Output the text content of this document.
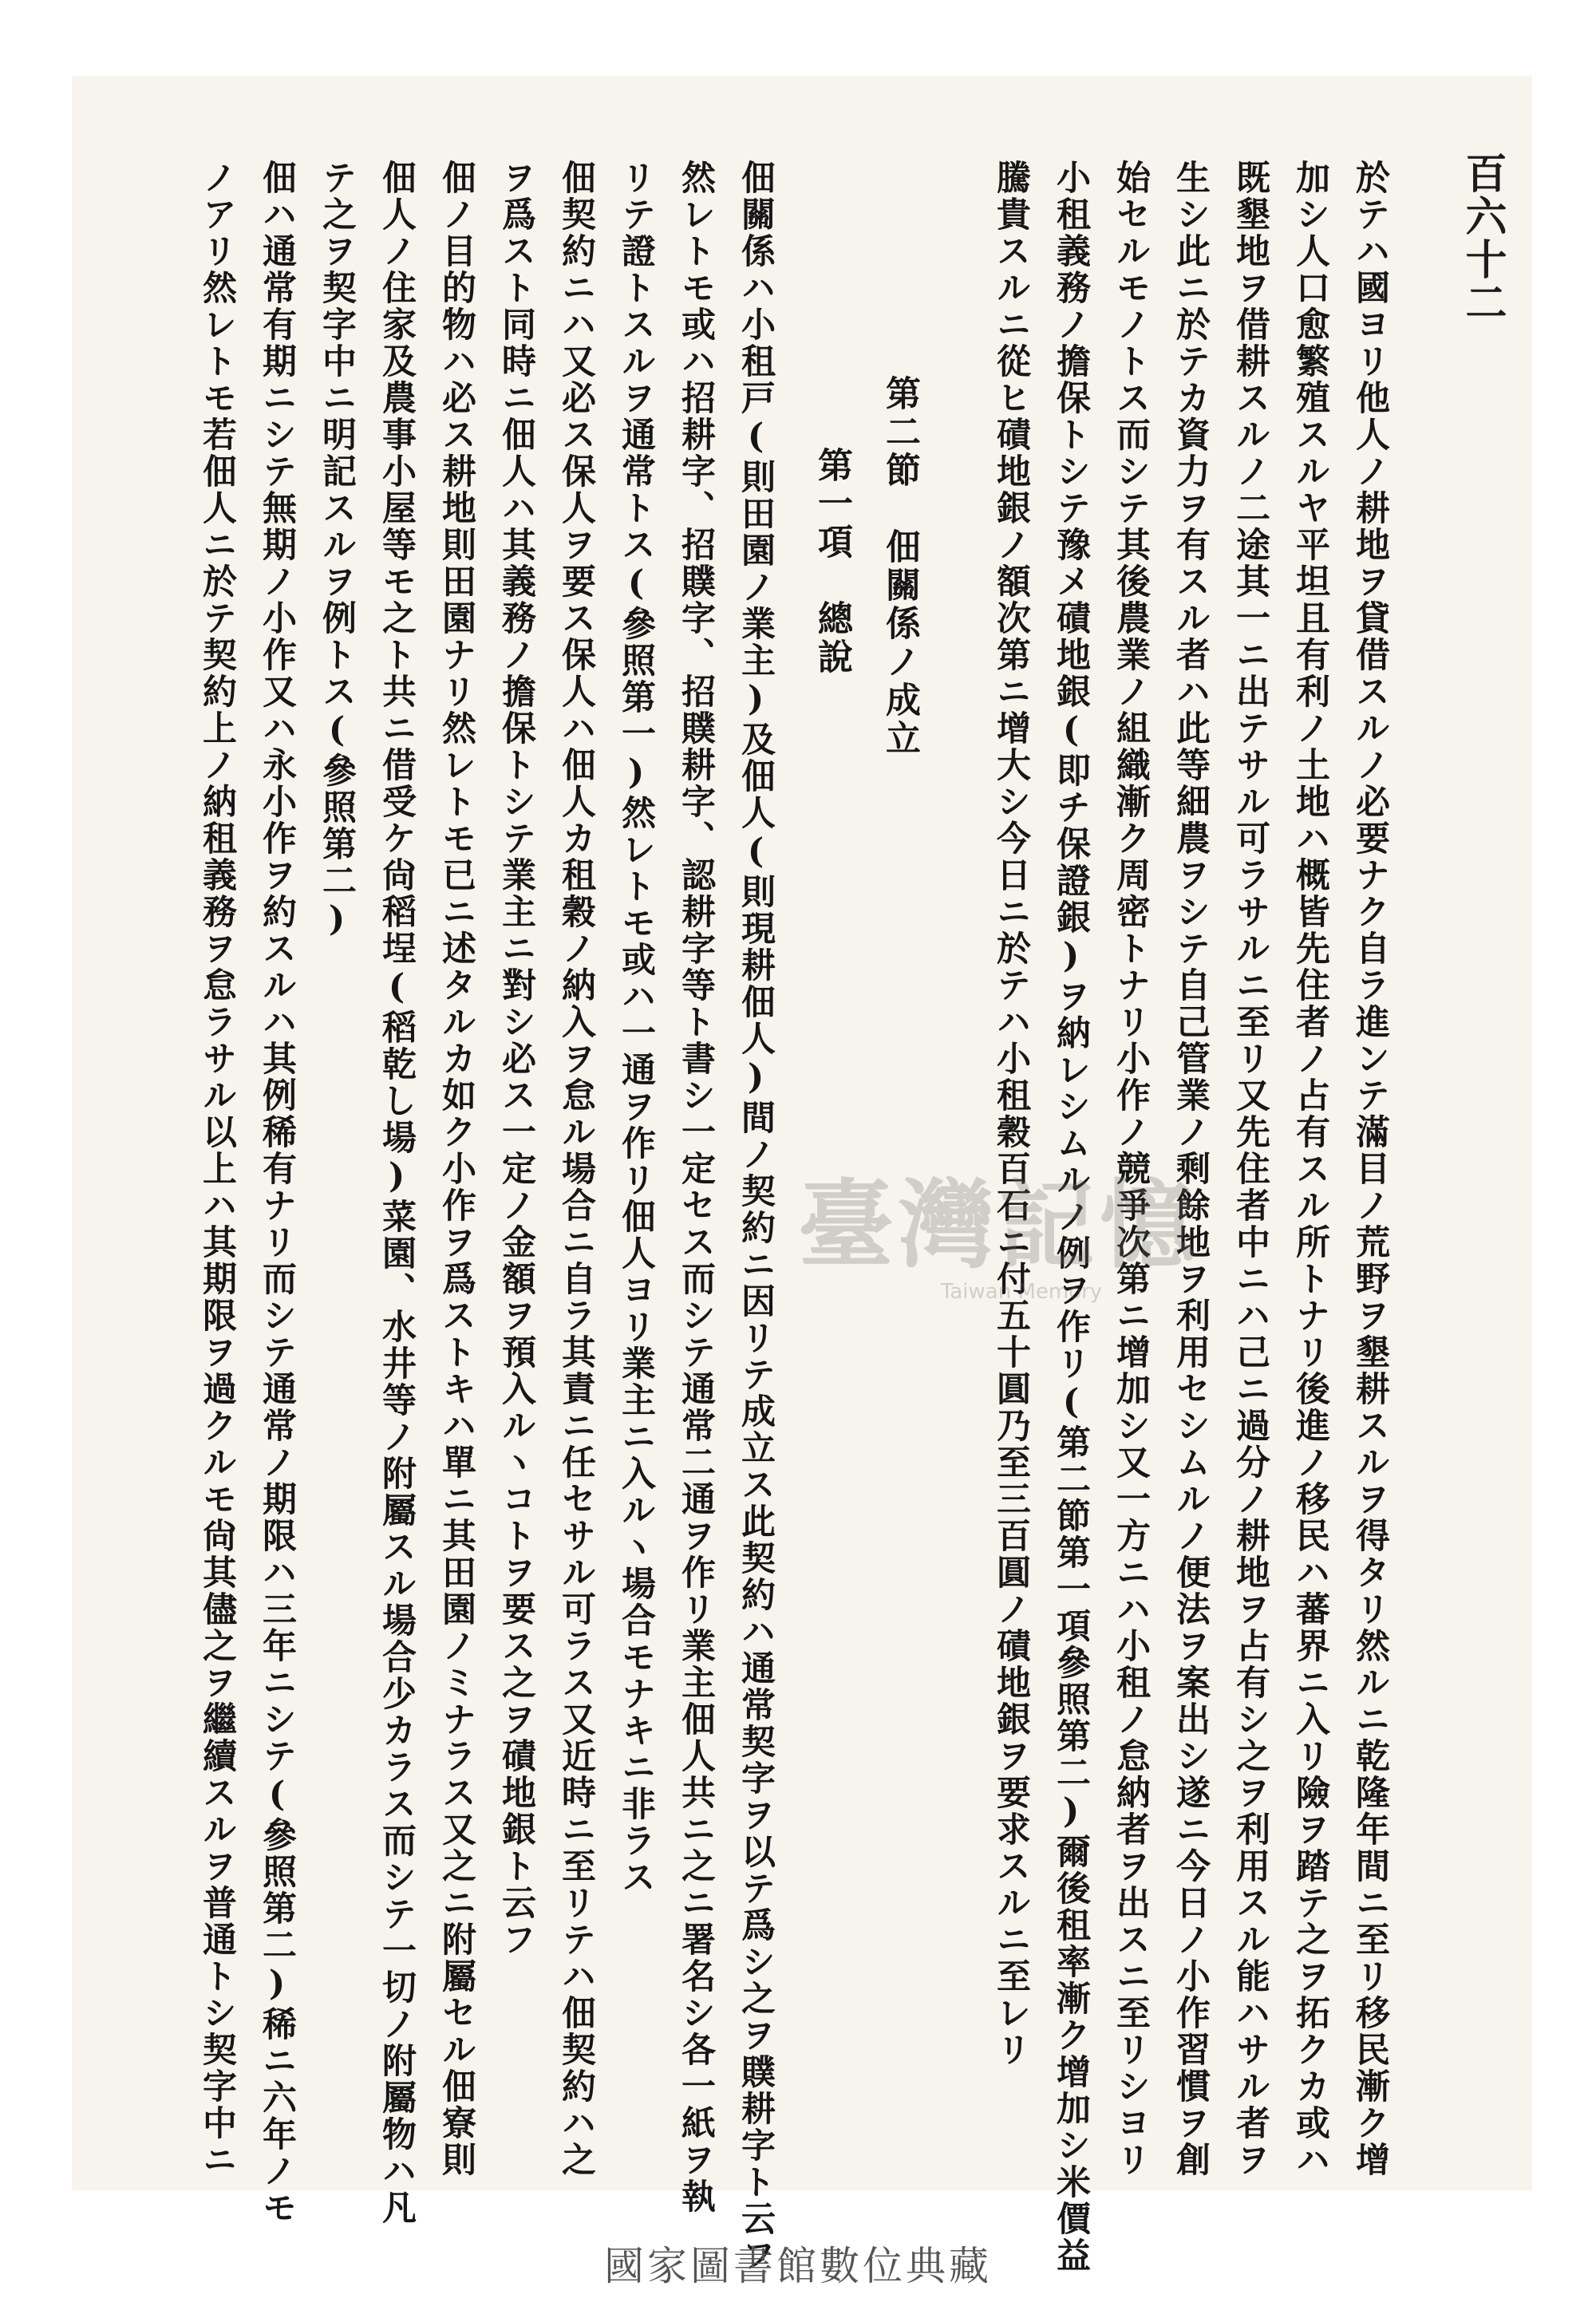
百六十二
於テハ國ヨリ他人ノ耕地ヲ貸借スルノ必要ナク自ラ進ンテ滿目ノ荒野ヲ墾耕スルヲ得タリ然ルニ乾隆年間ニ至リ移民漸ク增
加シ人口愈繁殖スルヤ平坦且有利ノ土地ハ概皆先住者ノ占有スル所トナリ後進ノ移民ハ蕃界ニ入リ險ヲ踏テ之ヲ拓クカ或ハ
既墾地ヲ借耕スルノ二途其一ニ出テサル可ラサルニ至リ又先住者中ニハ己ニ過分ノ耕地ヲ占有シ之ヲ利用スル能ハサル者ヲ
生シ此ニ於テカ資力ヲ有スル者ハ此等細農ヲシテ自己管業ノ剩餘地ヲ利用セシムルノ便法ヲ案出シ遂ニ今日ノ小作習慣ヲ創
始セルモノトス而シテ其後農業ノ組織漸ク周密トナリ小作ノ競爭次第ニ增加シ又一方ニハ小租ノ怠納者ヲ出スニ至リシヨリ
小租義務ノ擔保トシテ豫メ磧地銀(即チ保證銀)ヲ納レシムルノ例ヲ作リ(第二節第一項參照第二)爾後租率漸ク增加シ米價益
騰貴スルニ從ヒ磧地銀ノ額次第ニ增大シ今日ニ於テハ小租穀百石ニ付五十圓乃至三百圓ノ磧地銀ヲ要求スルニ至レリ
第二節　佃關係ノ成立
第一項　總說
佃關係ハ小租戸(則田園ノ業主)及佃人(則現耕佃人)間ノ契約ニ因リテ成立ス此契約ハ通常契字ヲ以テ爲シ之ヲ贌耕字ト云フ
然レトモ或ハ招耕字、招贌字、招贌耕字、認耕字等ト書シ一定セス而シテ通常二通ヲ作リ業主佃人共ニ之ニ署名シ各一紙ヲ執
リテ證トスルヲ通常トス(參照第一)然レトモ或ハ一通ヲ作リ佃人ヨリ業主ニ入ルヽ場合モナキニ非ラス
佃契約ニハ又必ス保人ヲ要ス保人ハ佃人カ租穀ノ納入ヲ怠ル場合ニ自ラ其責ニ任セサル可ラス又近時ニ至リテハ佃契約ハ之
ヲ爲スト同時ニ佃人ハ其義務ノ擔保トシテ業主ニ對シ必ス一定ノ金額ヲ預入ルヽコトヲ要ス之ヲ磧地銀ト云フ
佃ノ目的物ハ必ス耕地則田園ナリ然レトモ已ニ述タルカ如ク小作ヲ爲ストキハ單ニ其田園ノミナラス又之ニ附屬セル佃寮則
佃人ノ住家及農事小屋等モ之ト共ニ借受ケ尙稻埕(稻乾し場)菜園、水井等ノ附屬スル場合少カラス而シテ一切ノ附屬物ハ凡
テ之ヲ契字中ニ明記スルヲ例トス(參照第二)
佃ハ通常有期ニシテ無期ノ小作又ハ永小作ヲ約スルハ其例稀有ナリ而シテ通常ノ期限ハ三年ニシテ(參照第二)稀ニ六年ノモ
ノアリ然レトモ若佃人ニ於テ契約上ノ納租義務ヲ怠ラサル以上ハ其期限ヲ過クルモ尙其儘之ヲ繼續スルヲ普通トシ契字中ニ	臺灣記憶
Taiwan Memory
國家圖書館數位典藏
